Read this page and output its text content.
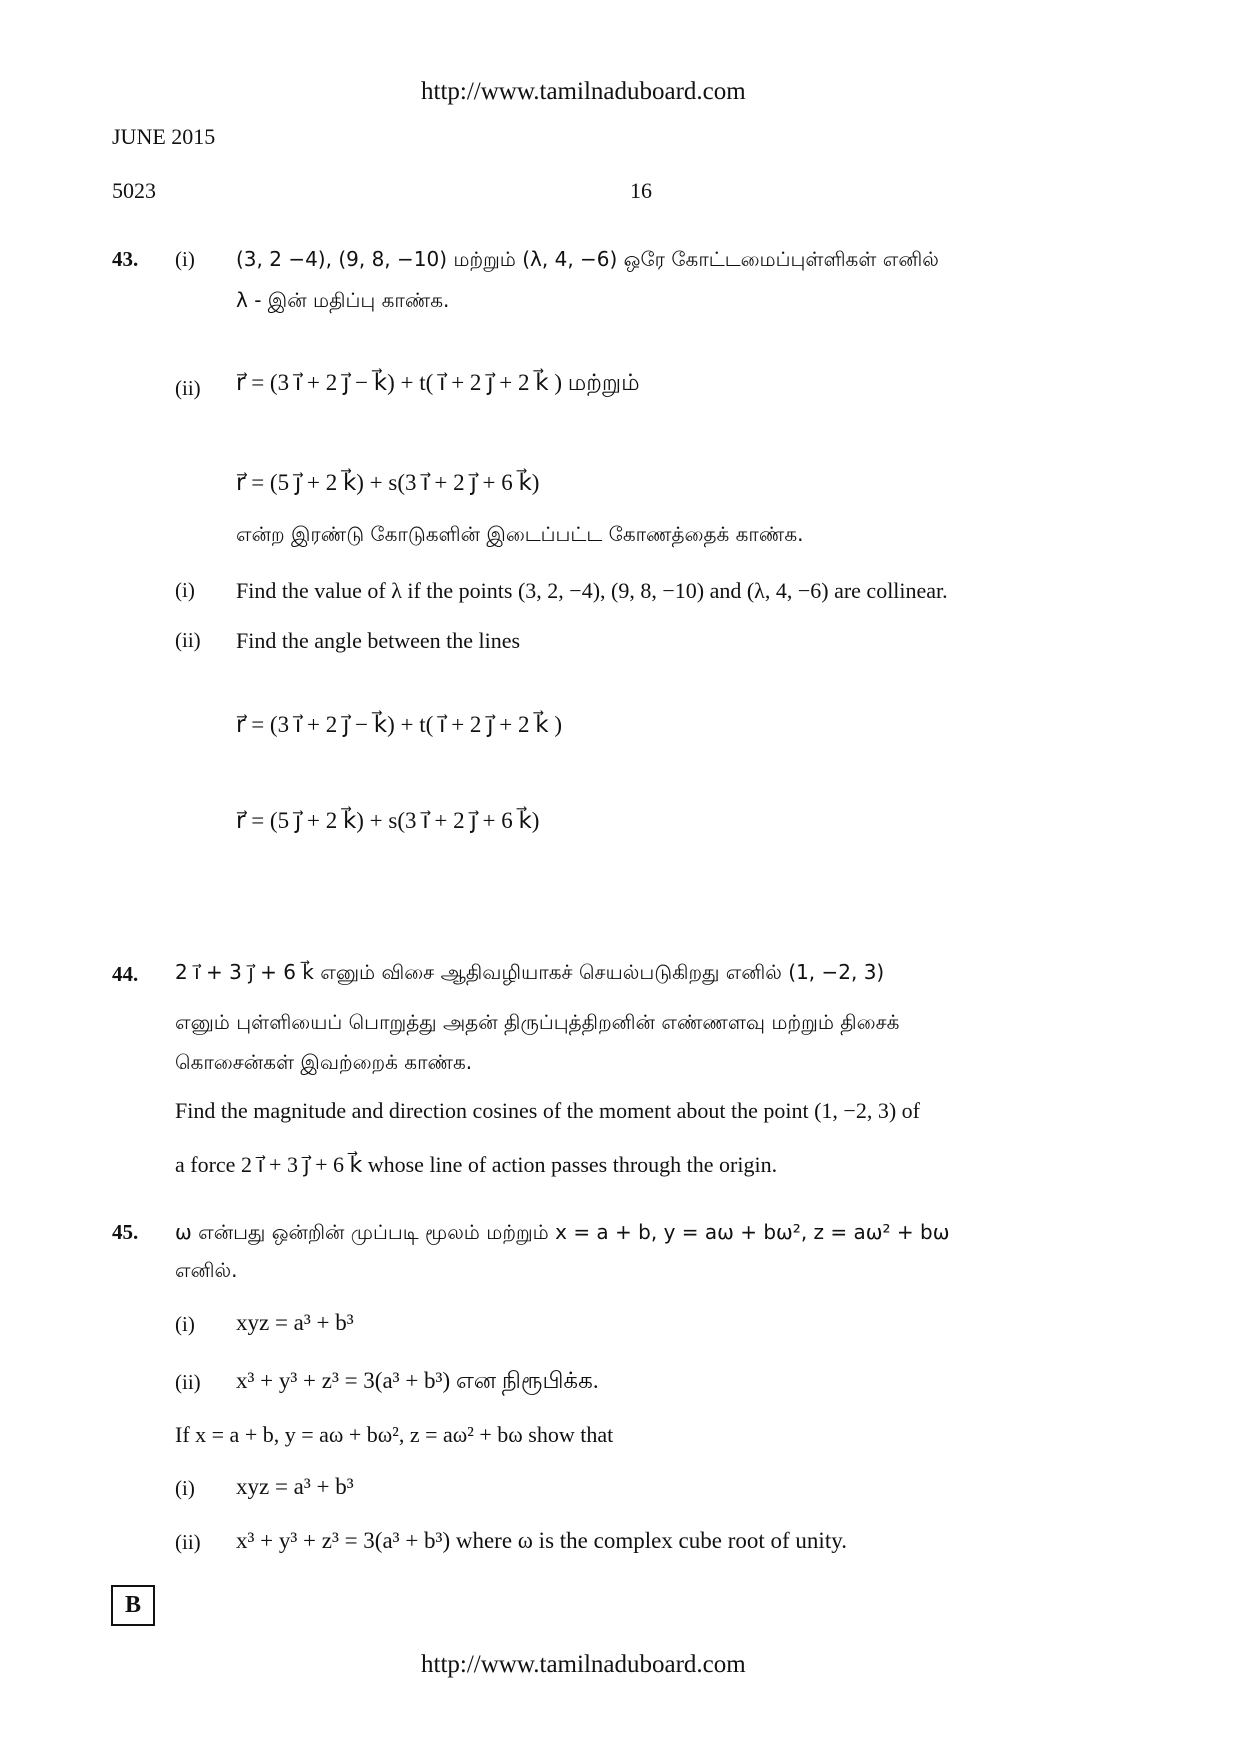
http://www.tamilnaduboard.com
JUNE 2015
5023	16
43. (i) (3, 2 −4), (9, 8, −10) மற்றும் (λ, 4, −6) ஒரே கோட்டமைப்புள்ளிகள் எனில்
λ - இன் மதிப்பு காண்க.
(ii) r⃗ = (3 i⃗ + 2 j⃗ − k⃗) + t( i⃗ + 2 j⃗ + 2 k⃗ ) மற்றும்
r⃗ = (5 j⃗ + 2 k⃗) + s(3 i⃗ + 2 j⃗ + 6 k⃗)
என்ற இரண்டு கோடுகளின் இடைப்பட்ட கோணத்தைக் காண்க.
(i) Find the value of λ if the points (3, 2, −4), (9, 8, −10) and (λ, 4, −6) are collinear.
(ii) Find the angle between the lines
r⃗ = (3 i⃗ + 2 j⃗ − k⃗) + t( i⃗ + 2 j⃗ + 2 k⃗ )
r⃗ = (5 j⃗ + 2 k⃗) + s(3 i⃗ + 2 j⃗ + 6 k⃗)
44. 2 i⃗ + 3 j⃗ + 6 k⃗ எனும் விசை ஆதிவழியாகச் செயல்படுகிறது எனில் (1, −2, 3)
எனும் புள்ளியைப் பொறுத்து அதன் திருப்புத்திறனின் எண்ணளவு மற்றும் திசைக்
கொசைன்கள் இவற்றைக் காண்க.
Find the magnitude and direction cosines of the moment about the point (1, −2, 3) of
a force 2 i⃗ + 3 j⃗ + 6 k⃗ whose line of action passes through the origin.
45. ω என்பது ஒன்றின் முப்படி மூலம் மற்றும் x = a + b, y = aω + bω², z = aω² + bω
எனில்.
(i) xyz = a³ + b³
(ii) x³ + y³ + z³ = 3(a³ + b³) என நிரூபிக்க.
If x = a + b, y = aω + bω², z = aω² + bω show that
(i) xyz = a³ + b³
(ii) x³ + y³ + z³ = 3(a³ + b³) where ω is the complex cube root of unity.
B
http://www.tamilnaduboard.com
